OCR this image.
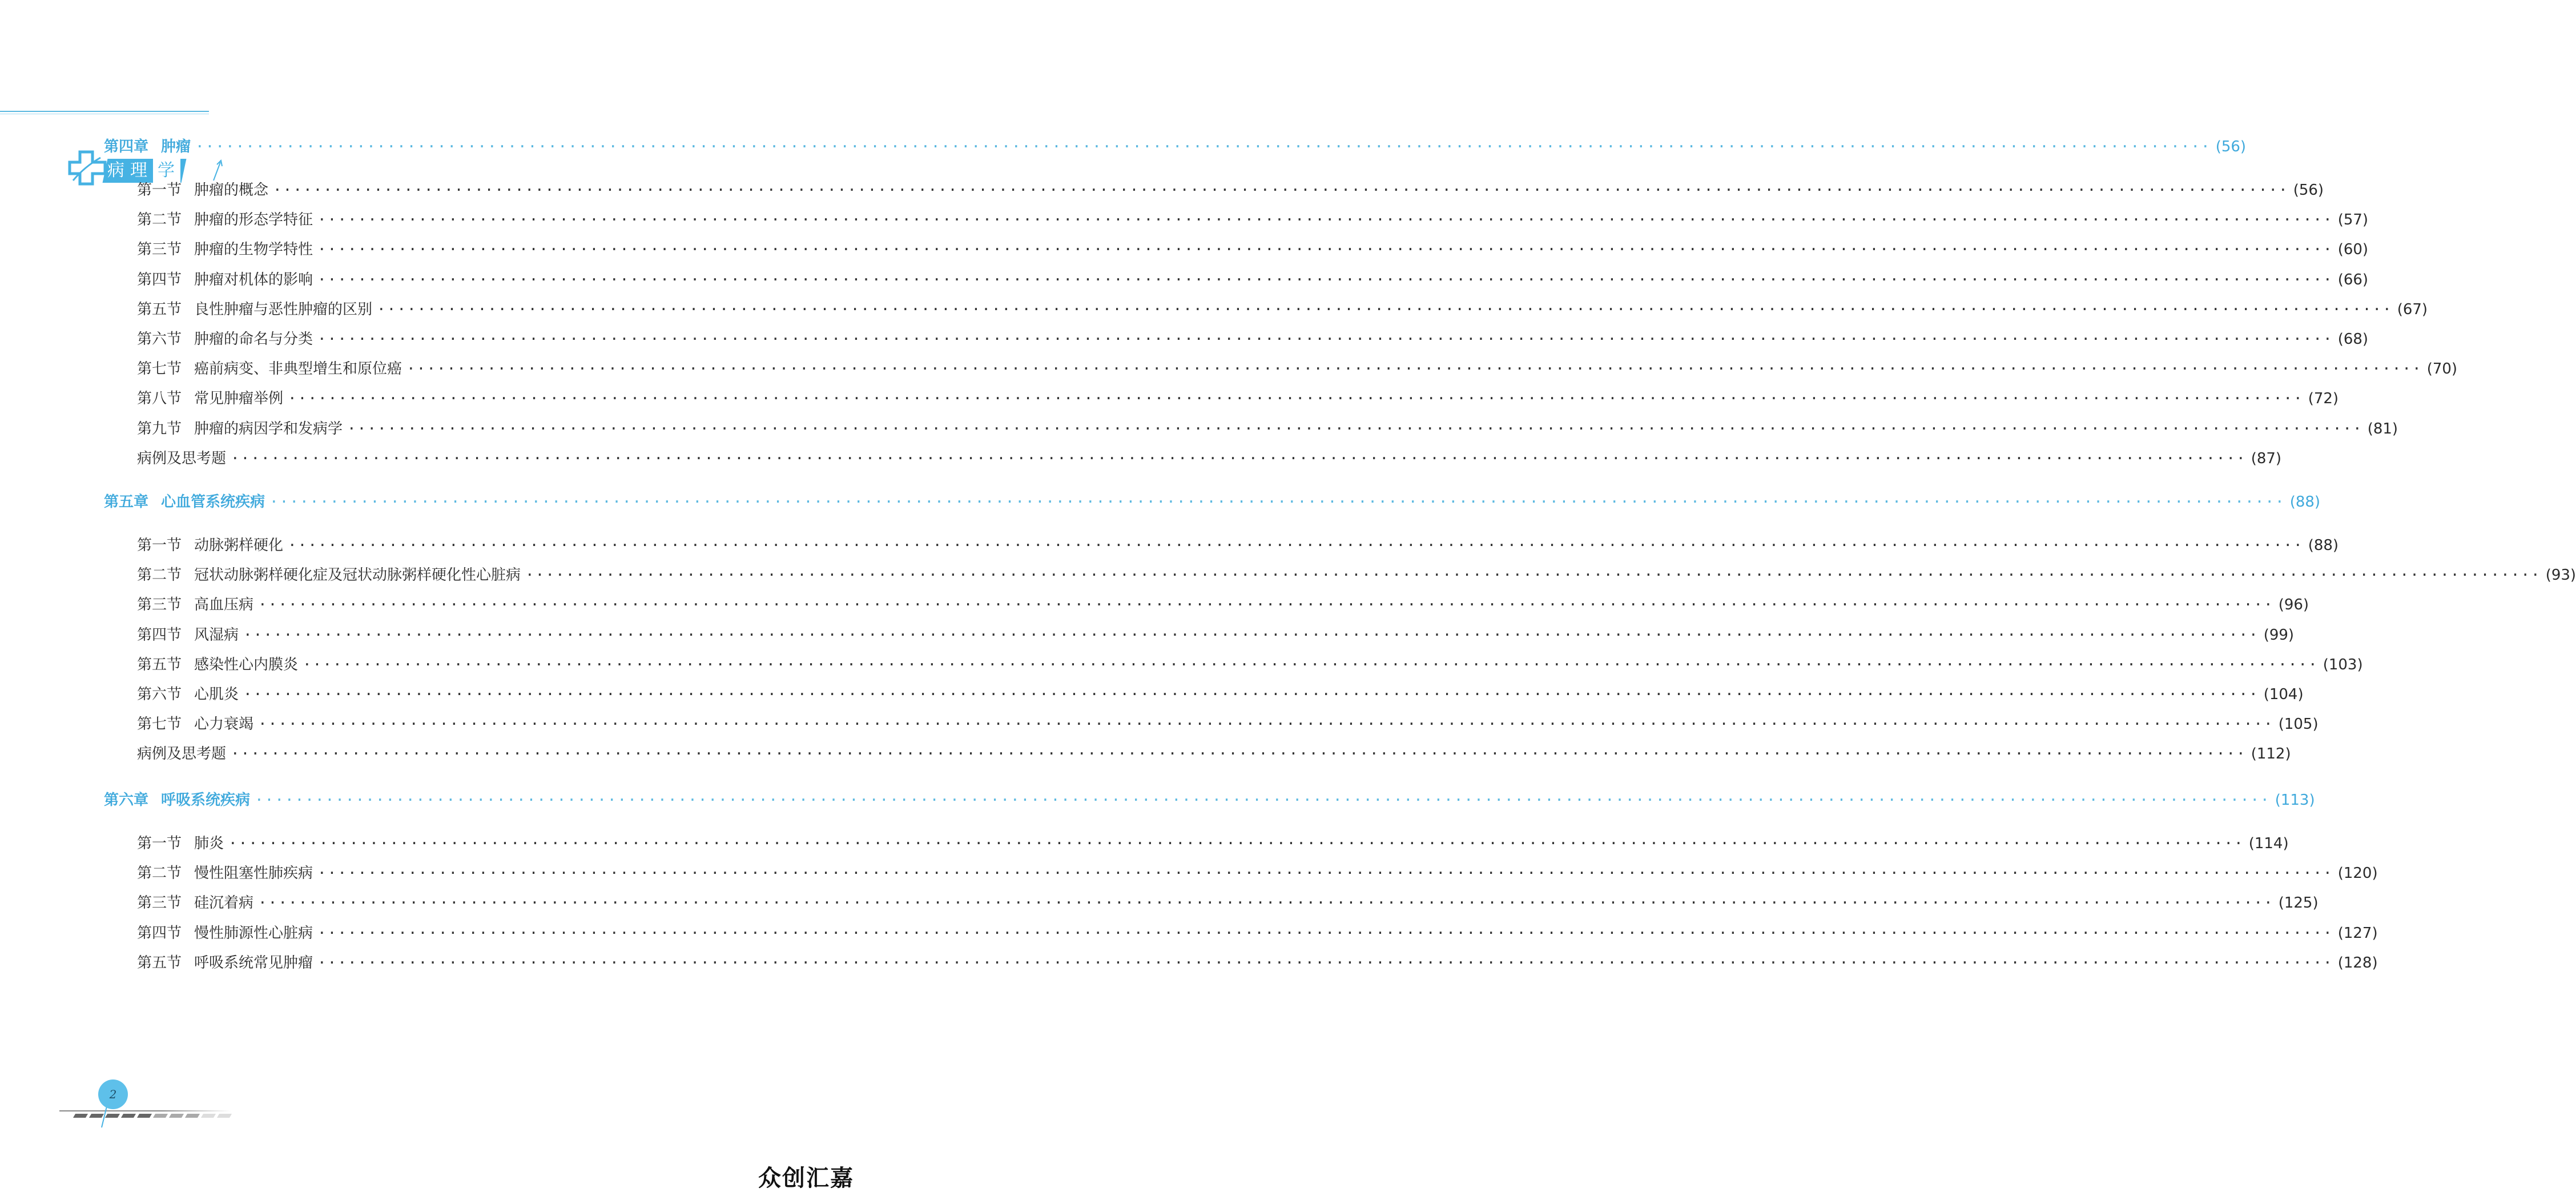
病理 学
第四章 肿瘤 ········································································································································································································ (56)
第一节 肿瘤的概念 ········································································································································································································ (56)
第二节 肿瘤的形态学特征 ········································································································································································································ (57)
第三节 肿瘤的生物学特性 ········································································································································································································ (60)
第四节 肿瘤对机体的影响 ········································································································································································································ (66)
第五节 良性肿瘤与恶性肿瘤的区别 ········································································································································································································ (67)
第六节 肿瘤的命名与分类 ········································································································································································································ (68)
第七节 癌前病变、非典型增生和原位癌 ········································································································································································································ (70)
第八节 常见肿瘤举例 ········································································································································································································ (72)
第九节 肿瘤的病因学和发病学 ········································································································································································································ (81)
病例及思考题 ········································································································································································································ (87)
第五章 心血管系统疾病 ········································································································································································································ (88)
第一节 动脉粥样硬化 ········································································································································································································ (88)
第二节 冠状动脉粥样硬化症及冠状动脉粥样硬化性心脏病 ········································································································································································································ (93)
第三节 高血压病 ········································································································································································································ (96)
第四节 风湿病 ········································································································································································································ (99)
第五节 感染性心内膜炎 ········································································································································································································ (103)
第六节 心肌炎 ········································································································································································································ (104)
第七节 心力衰竭 ········································································································································································································ (105)
病例及思考题 ········································································································································································································ (112)
第六章 呼吸系统疾病 ········································································································································································································ (113)
第一节 肺炎 ········································································································································································································ (114)
第二节 慢性阻塞性肺疾病 ········································································································································································································ (120)
第三节 硅沉着病 ········································································································································································································ (125)
第四节 慢性肺源性心脏病 ········································································································································································································ (127)
第五节 呼吸系统常见肿瘤 ········································································································································································································ (128)
2
众创汇嘉
